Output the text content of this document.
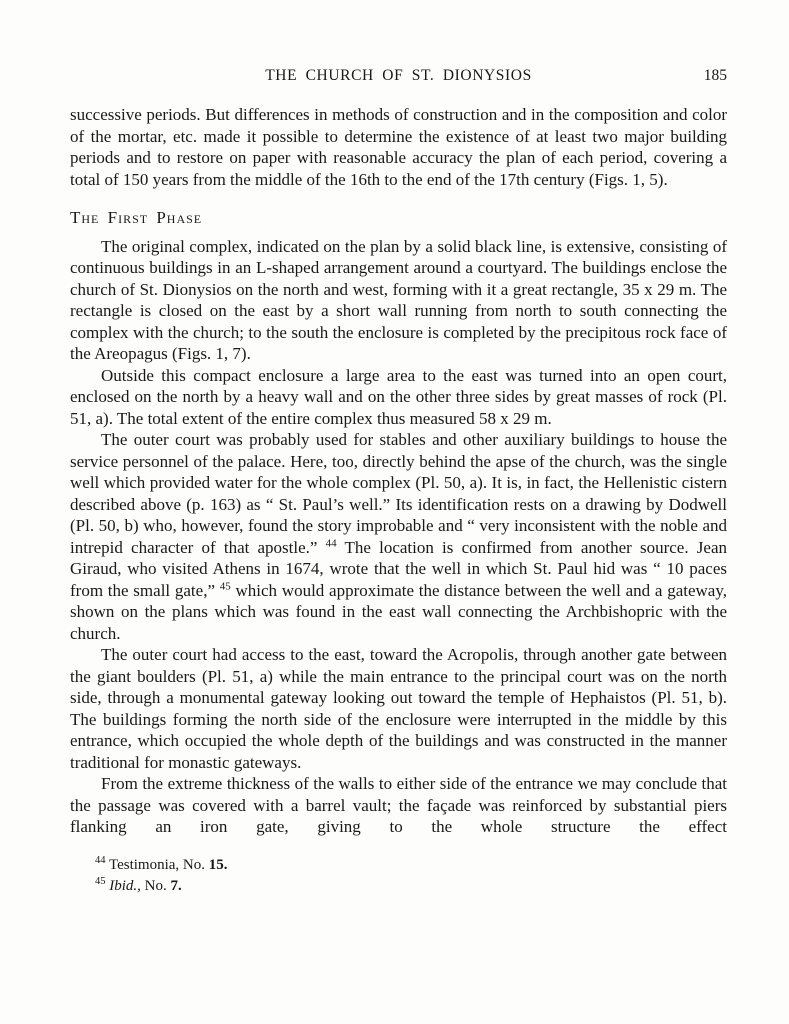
THE CHURCH OF ST. DIONYSIOS	185

successive periods. But differences in methods of construction and in the composition and color of the mortar, etc. made it possible to determine the existence of at least two major building periods and to restore on paper with reasonable accuracy the plan of each period, covering a total of 150 years from the middle of the 16th to the end of the 17th century (Figs. 1, 5).

The First Phase

The original complex, indicated on the plan by a solid black line, is extensive, consisting of continuous buildings in an L-shaped arrangement around a courtyard. The buildings enclose the church of St. Dionysios on the north and west, forming with it a great rectangle, 35 x 29 m. The rectangle is closed on the east by a short wall running from north to south connecting the complex with the church; to the south the enclosure is completed by the precipitous rock face of the Areopagus (Figs. 1, 7).

Outside this compact enclosure a large area to the east was turned into an open court, enclosed on the north by a heavy wall and on the other three sides by great masses of rock (Pl. 51, a). The total extent of the entire complex thus measured 58 x 29 m.

The outer court was probably used for stables and other auxiliary buildings to house the service personnel of the palace. Here, too, directly behind the apse of the church, was the single well which provided water for the whole complex (Pl. 50, a). It is, in fact, the Hellenistic cistern described above (p. 163) as “ St. Paul’s well.” Its identification rests on a drawing by Dodwell (Pl. 50, b) who, however, found the story improbable and “ very inconsistent with the noble and intrepid character of that apostle.” $^{44}$ The location is confirmed from another source. Jean Giraud, who visited Athens in 1674, wrote that the well in which St. Paul hid was “ 10 paces from the small gate,” $^{45}$ which would approximate the distance between the well and a gateway, shown on the plans which was found in the east wall connecting the Archbishopric with the church.

The outer court had access to the east, toward the Acropolis, through another gate between the giant boulders (Pl. 51, a) while the main entrance to the principal court was on the north side, through a monumental gateway looking out toward the temple of Hephaistos (Pl. 51, b). The buildings forming the north side of the enclosure were interrupted in the middle by this entrance, which occupied the whole depth of the buildings and was constructed in the manner traditional for monastic gateways.

From the extreme thickness of the walls to either side of the entrance we may conclude that the passage was covered with a barrel vault; the façade was reinforced by substantial piers flanking an iron gate, giving to the whole structure the effect

$^{44}$ Testimonia, No. 15.

$^{45}$ Ibid., No. 7.
